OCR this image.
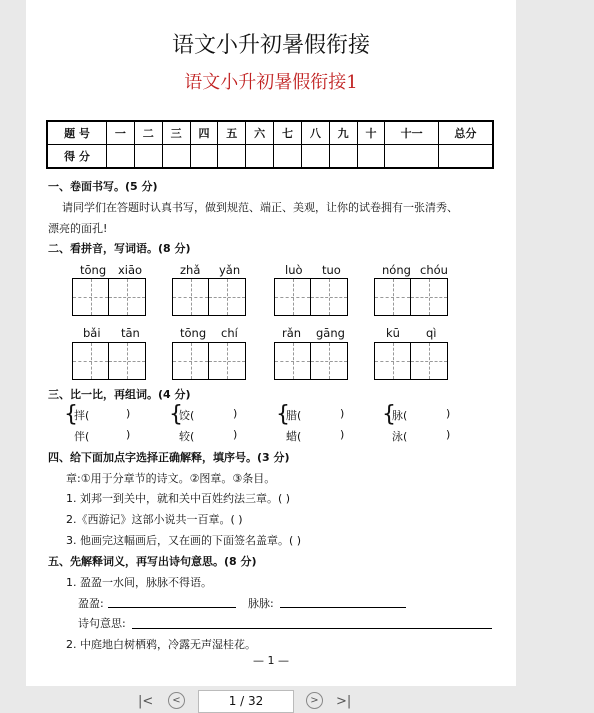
语文小升初暑假衔接
语文小升初暑假衔接1
题 号	一	二	三	四	五	六	七	八	九	十	十一	总分
得 分												
一、卷面书写。(5 分)
请同学们在答题时认真书写，做到规范、端正、美观，让你的试卷拥有一张清秀、
漂亮的面孔!
二、看拼音，写词语。(8 分)
tōng xiāo	zhǎ yǎn	luò tuo	nóng chóu
bǎi tān	tōng chí	rǎn gāng	kū qì
三、比一比，再组词。(4 分)
{
拌(	)
伴(	)
{
饺(	)
较(	)
{
腊(	)
蜡(	)
{
脉(	)
泳(	)
四、给下面加点字选择正确解释，填序号。(3 分)
章:①用于分章节的诗文。②图章。③条目。
1. 刘邦一到关中，就和关中百姓约法三章。( )
2.《西游记》这部小说共一百章。( )
3. 他画完这幅画后，又在画的下面签名盖章。( )
五、先解释词义，再写出诗句意思。(8 分)
1. 盈盈一水间，脉脉不得语。
盈盈:	脉脉:
诗句意思:
2. 中庭地白树栖鸦，冷露无声湿桂花。
— 1 —
|<	<	1 / 32	>	>|
